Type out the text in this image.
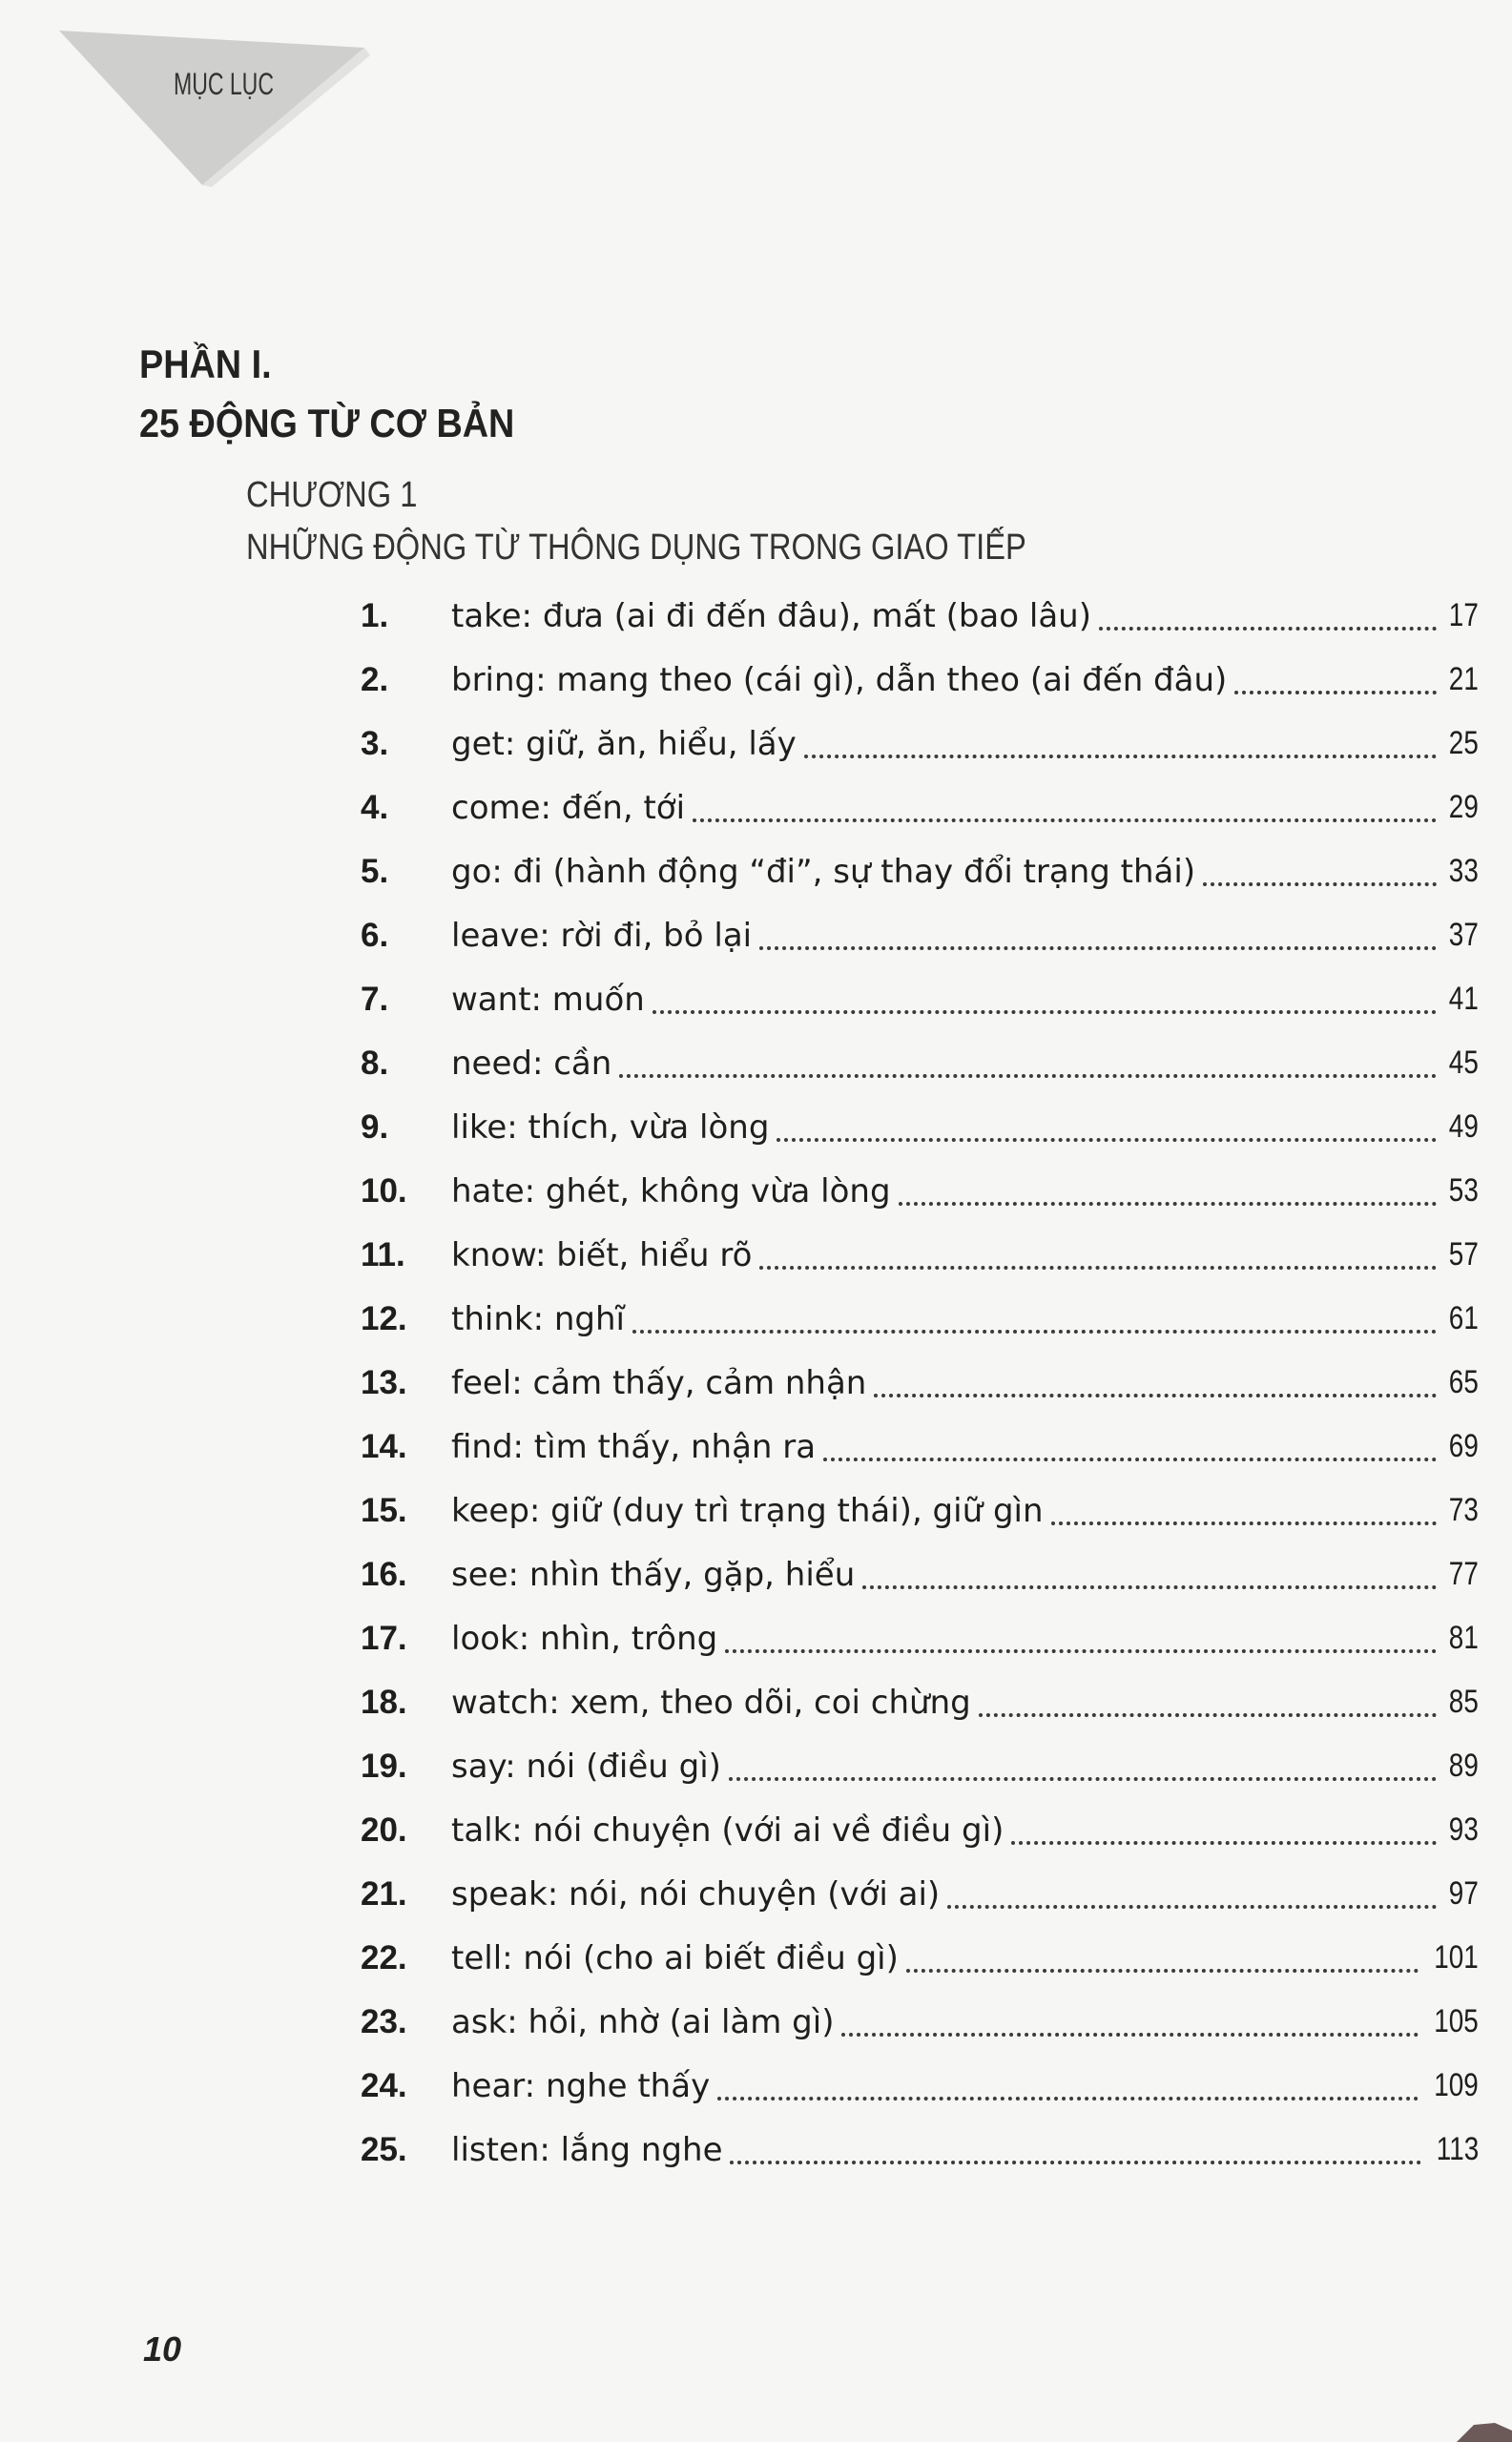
MỤC LỤC
PHẦN I.
25 ĐỘNG TỪ CƠ BẢN
CHƯƠNG 1
NHỮNG ĐỘNG TỪ THÔNG DỤNG TRONG GIAO TIẾP
1.	take: đưa (ai đi đến đâu), mất (bao lâu)	17
2.	bring: mang theo (cái gì), dẫn theo (ai đến đâu)	21
3.	get: giữ, ăn, hiểu, lấy	25
4.	come: đến, tới	29
5.	go: đi (hành động “đi”, sự thay đổi trạng thái)	33
6.	leave: rời đi, bỏ lại	37
7.	want: muốn	41
8.	need: cần	45
9.	like: thích, vừa lòng	49
10.	hate: ghét, không vừa lòng	53
11.	know: biết, hiểu rõ	57
12.	think: nghĩ	61
13.	feel: cảm thấy, cảm nhận	65
14.	find: tìm thấy, nhận ra	69
15.	keep: giữ (duy trì trạng thái), giữ gìn	73
16.	see: nhìn thấy, gặp, hiểu	77
17.	look: nhìn, trông	81
18.	watch: xem, theo dõi, coi chừng	85
19.	say: nói (điều gì)	89
20.	talk: nói chuyện (với ai về điều gì)	93
21.	speak: nói, nói chuyện (với ai)	97
22.	tell: nói (cho ai biết điều gì)	101
23.	ask: hỏi, nhờ (ai làm gì)	105
24.	hear: nghe thấy	109
25.	listen: lắng nghe	113
10
